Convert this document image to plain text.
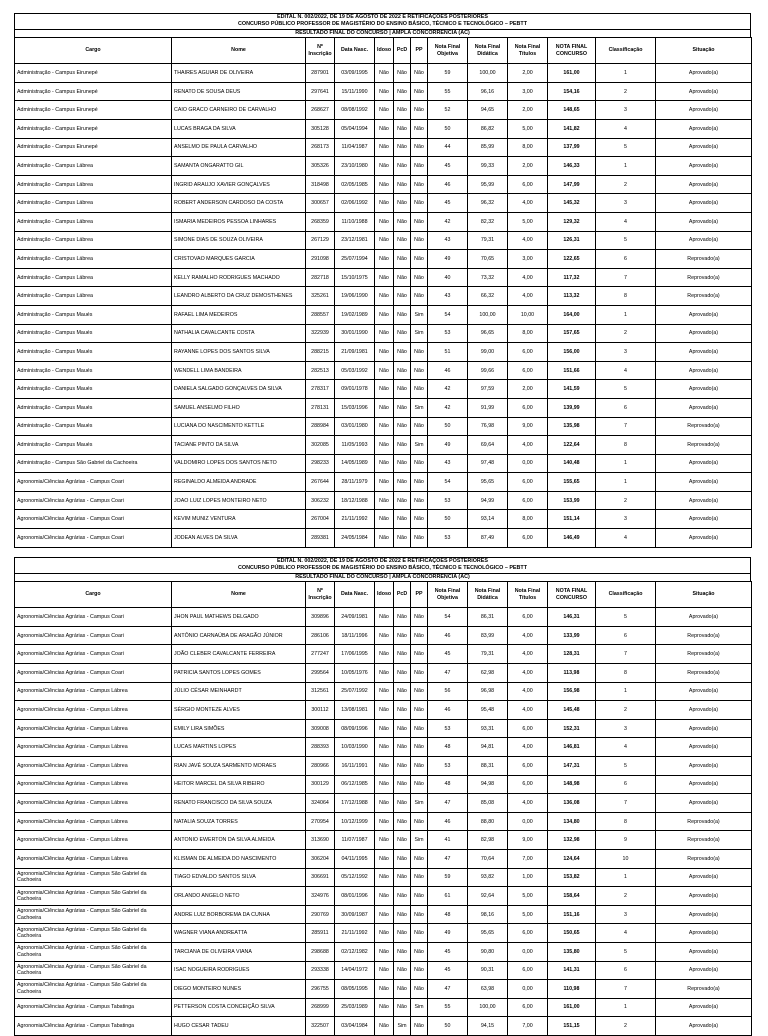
EDITAL N. 002/2022, DE 19 DE AGOSTO DE 2022 E RETIFICAÇÕES POSTERIORES
CONCURSO PÚBLICO PROFESSOR DE MAGISTÉRIO DO ENSINO BÁSICO, TÉCNICO E TECNOLÓGICO – PEBTT
RESULTADO FINAL DO CONCURSO | AMPLA CONCORRÊNCIA (AC)
Cargo	Nome	Nº Inscrição	Data Nasc.	Idoso	PcD	PP	Nota Final Objetiva	Nota Final Didática	Nota Final Títulos	NOTA FINAL CONCURSO	Classificação	Situação
Administração - Campus Eirunepé	THAIRES AGUIAR DE OLIVEIRA	287901	03/09/1995	Não	Não	Não	59	100,00	2,00	161,00	1	Aprovado(a)
Administração - Campus Eirunepé	RENATO DE SOUSA DEUS	297641	15/11/1990	Não	Não	Não	55	96,16	3,00	154,16	2	Aprovado(a)
Administração - Campus Eirunepé	CAIO GRACO CARNEIRO DE CARVALHO	268627	08/08/1992	Não	Não	Não	52	94,65	2,00	148,65	3	Aprovado(a)
Administração - Campus Eirunepé	LUCAS BRAGA DA SILVA	305128	05/04/1994	Não	Não	Não	50	86,82	5,00	141,82	4	Aprovado(a)
Administração - Campus Eirunepé	ANSELMO DE PAULA CARVALHO	268173	11/04/1987	Não	Não	Não	44	85,99	8,00	137,99	5	Aprovado(a)
Administração - Campus Lábrea	SAMANTA ONGARATTO GIL	305326	23/10/1980	Não	Não	Não	45	99,33	2,00	146,33	1	Aprovado(a)
Administração - Campus Lábrea	INGRID ARAUJO XAVIER GONÇALVES	318498	02/05/1985	Não	Não	Não	46	95,99	6,00	147,99	2	Aprovado(a)
Administração - Campus Lábrea	ROBERT ANDERSON CARDOSO DA COSTA	300657	02/06/1992	Não	Não	Não	45	96,32	4,00	145,32	3	Aprovado(a)
Administração - Campus Lábrea	ISMARIA MEDEIROS PESSOA LINHARES	268359	11/10/1988	Não	Não	Não	42	82,32	5,00	129,32	4	Aprovado(a)
Administração - Campus Lábrea	SIMONE DIAS DE SOUZA OLIVEIRA	267129	23/12/1981	Não	Não	Não	43	79,31	4,00	126,31	5	Aprovado(a)
Administração - Campus Lábrea	CRISTOVAO MARQUES GARCIA	291098	25/07/1994	Não	Não	Não	49	70,65	3,00	122,65	6	Reprovado(a)
Administração - Campus Lábrea	KELLY RAMALHO RODRIGUES MACHADO	282718	15/10/1975	Não	Não	Não	40	73,32	4,00	117,32	7	Reprovado(a)
Administração - Campus Lábrea	LEANDRO ALBERTO DA CRUZ DEMOSTHENES	325261	19/06/1990	Não	Não	Não	43	66,32	4,00	113,32	8	Reprovado(a)
Administração - Campus Maués	RAFAEL LIMA MEDEIROS	288557	19/02/1989	Não	Não	Sim	54	100,00	10,00	164,00	1	Aprovado(a)
Administração - Campus Maués	NATHALIA CAVALCANTE COSTA	322939	30/01/1990	Não	Não	Sim	53	96,65	8,00	157,65	2	Aprovado(a)
Administração - Campus Maués	RAYANNE LOPES DOS SANTOS SILVA	288215	21/09/1981	Não	Não	Não	51	99,00	6,00	156,00	3	Aprovado(a)
Administração - Campus Maués	WENDELL LIMA BANDEIRA	282513	05/03/1992	Não	Não	Não	46	99,66	6,00	151,66	4	Aprovado(a)
Administração - Campus Maués	DANIELA SALGADO GONÇALVES DA SILVA	278317	09/01/1978	Não	Não	Não	42	97,59	2,00	141,59	5	Aprovado(a)
Administração - Campus Maués	SAMUEL ANSELMO FILHO	278131	15/03/1996	Não	Não	Sim	42	91,99	6,00	139,99	6	Aprovado(a)
Administração - Campus Maués	LUCIANA DO NASCIMENTO KETTLE	288984	03/01/1980	Não	Não	Não	50	76,98	9,00	135,98	7	Reprovado(a)
Administração - Campus Maués	TACIANE PINTO DA SILVA	302085	11/05/1993	Não	Não	Sim	49	69,64	4,00	122,64	8	Reprovado(a)
Administração - Campus São Gabriel da Cachoeira	VALDOMIRO LOPES DOS SANTOS NETO	298233	14/05/1989	Não	Não	Não	43	97,48	0,00	140,48	1	Aprovado(a)
Agronomia/Ciências Agrárias - Campus Coari	REGINALDO ALMEIDA ANDRADE	267644	28/11/1979	Não	Não	Não	54	95,65	6,00	155,65	1	Aprovado(a)
Agronomia/Ciências Agrárias - Campus Coari	JOAO LUIZ LOPES MONTEIRO NETO	306232	18/12/1988	Não	Não	Não	53	94,99	6,00	153,99	2	Aprovado(a)
Agronomia/Ciências Agrárias - Campus Coari	KEVIM MUNIZ VENTURA	267004	21/11/1992	Não	Não	Não	50	93,14	8,00	151,14	3	Aprovado(a)
Agronomia/Ciências Agrárias - Campus Coari	JODEAN ALVES DA SILVA	289381	24/05/1984	Não	Não	Não	53	87,49	6,00	146,49	4	Aprovado(a)
EDITAL N. 002/2022, DE 19 DE AGOSTO DE 2022 E RETIFICAÇÕES POSTERIORES
CONCURSO PÚBLICO PROFESSOR DE MAGISTÉRIO DO ENSINO BÁSICO, TÉCNICO E TECNOLÓGICO – PEBTT
RESULTADO FINAL DO CONCURSO | AMPLA CONCORRÊNCIA (AC)
Cargo	Nome	Nº Inscrição	Data Nasc.	Idoso	PcD	PP	Nota Final Objetiva	Nota Final Didática	Nota Final Títulos	NOTA FINAL CONCURSO	Classificação	Situação
Agronomia/Ciências Agrárias - Campus Coari	JHON PAUL MATHEWS DELGADO	309896	24/09/1981	Não	Não	Não	54	86,31	6,00	146,31	5	Aprovado(a)
Agronomia/Ciências Agrárias - Campus Coari	ANTÔNIO CARNAÚBA DE ARAGÃO JÚNIOR	286106	18/11/1996	Não	Não	Não	46	83,99	4,00	133,99	6	Reprovado(a)
Agronomia/Ciências Agrárias - Campus Coari	JOÃO CLEBER CAVALCANTE FERREIRA	277247	17/06/1995	Não	Não	Não	45	79,31	4,00	128,31	7	Reprovado(a)
Agronomia/Ciências Agrárias - Campus Coari	PATRICIA SANTOS LOPES GOMES	299564	10/05/1976	Não	Não	Não	47	62,98	4,00	113,98	8	Reprovado(a)
Agronomia/Ciências Agrárias - Campus Lábrea	JÚLIO CÉSAR MEINHARDT	312561	25/07/1992	Não	Não	Não	56	96,98	4,00	156,98	1	Aprovado(a)
Agronomia/Ciências Agrárias - Campus Lábrea	SÉRGIO MONTEZE ALVES	300112	13/08/1981	Não	Não	Não	46	95,48	4,00	145,48	2	Aprovado(a)
Agronomia/Ciências Agrárias - Campus Lábrea	EMILY LIRA SIMÕES	309008	08/09/1996	Não	Não	Não	53	93,31	6,00	152,31	3	Aprovado(a)
Agronomia/Ciências Agrárias - Campus Lábrea	LUCAS MARTINS LOPES	288393	10/03/1990	Não	Não	Não	48	94,81	4,00	146,81	4	Aprovado(a)
Agronomia/Ciências Agrárias - Campus Lábrea	RIAN JAVÉ SOUZA SARMENTO MORAES	280966	16/11/1991	Não	Não	Não	53	88,31	6,00	147,31	5	Aprovado(a)
Agronomia/Ciências Agrárias - Campus Lábrea	HEITOR MARCEL DA SILVA RIBEIRO	300129	06/12/1985	Não	Não	Não	48	94,98	6,00	148,98	6	Aprovado(a)
Agronomia/Ciências Agrárias - Campus Lábrea	RENATO FRANCISCO DA SILVA SOUZA	324064	17/12/1988	Não	Não	Sim	47	85,08	4,00	136,08	7	Aprovado(a)
Agronomia/Ciências Agrárias - Campus Lábrea	NATALIA SOUZA TORRES	270954	10/12/1999	Não	Não	Não	46	88,80	0,00	134,80	8	Reprovado(a)
Agronomia/Ciências Agrárias - Campus Lábrea	ANTONIO EWERTON DA SILVA ALMEIDA	313690	11/07/1987	Não	Não	Sim	41	82,98	9,00	132,98	9	Reprovado(a)
Agronomia/Ciências Agrárias - Campus Lábrea	KLISMAN DE ALMEIDA DO NASCIMENTO	306204	04/11/1995	Não	Não	Não	47	70,64	7,00	124,64	10	Reprovado(a)
Agronomia/Ciências Agrárias - Campus São Gabriel da Cachoeira	TIAGO EDVALDO SANTOS SILVA	306691	05/12/1992	Não	Não	Não	59	93,82	1,00	153,82	1	Aprovado(a)
Agronomia/Ciências Agrárias - Campus São Gabriel da Cachoeira	ORLANDO ANGELO NETO	324976	08/01/1996	Não	Não	Não	61	92,64	5,00	158,64	2	Aprovado(a)
Agronomia/Ciências Agrárias - Campus São Gabriel da Cachoeira	ANDRE LUIZ BORBOREMA DA CUNHA	290769	30/09/1987	Não	Não	Não	48	98,16	5,00	151,16	3	Aprovado(a)
Agronomia/Ciências Agrárias - Campus São Gabriel da Cachoeira	WAGNER VIANA ANDREATTA	285911	21/11/1992	Não	Não	Não	49	95,65	6,00	150,65	4	Aprovado(a)
Agronomia/Ciências Agrárias - Campus São Gabriel da Cachoeira	TARCIANA DE OLIVEIRA VIANA	298688	02/12/1982	Não	Não	Não	45	90,80	0,00	135,80	5	Aprovado(a)
Agronomia/Ciências Agrárias - Campus São Gabriel da Cachoeira	ISAC NOGUEIRA RODRIGUES	293338	14/04/1972	Não	Não	Não	45	90,31	6,00	141,31	6	Aprovado(a)
Agronomia/Ciências Agrárias - Campus São Gabriel da Cachoeira	DIEGO MONTEIRO NUNES	296755	08/05/1995	Não	Não	Não	47	63,98	0,00	110,98	7	Reprovado(a)
Agronomia/Ciências Agrárias - Campus Tabatinga	PETTERSON COSTA CONCEIÇÃO SILVA	268999	25/03/1989	Não	Não	Sim	55	100,00	6,00	161,00	1	Aprovado(a)
Agronomia/Ciências Agrárias - Campus Tabatinga	HUGO CESAR TADEU	322507	03/04/1984	Não	Sim	Não	50	94,15	7,00	151,15	2	Aprovado(a)
